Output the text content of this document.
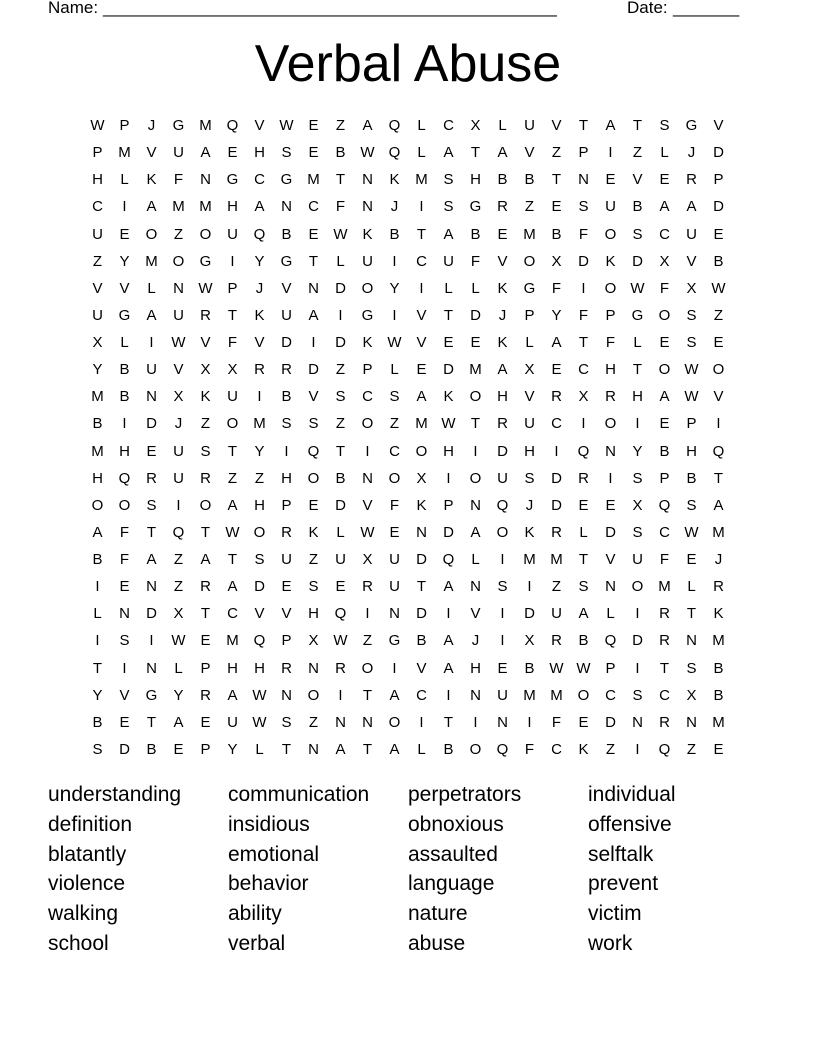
Name: ________________________________________________	Date: _______
Verbal Abuse
W P	J	G M Q	V W E	Z	A	Q	L	C	X	L	U	V	T	A	T	S	G	V
P	M	V	U	A	E	H	S	E	B W Q	L	A	T	A	V	Z	P	I	Z	L	J	D
H	L	K	F	N	G	C	G M	T	N	K	M	S	H	B	B	T	N	E	V	E	R	P
C	I	A	M M	H	A	N	C	F	N	J	I	S	G	R	Z	E	S	U	B	A	A	D
U	E	O	Z	O	U	Q	B	E W K	B	T	A	B	E	M	B	F	O	S	C	U	E
Z	Y	M O	G	I	Y	G	T	L	U	I	C	U	F	V	O	X	D	K	D	X	V	B
V	V	L	N W P	J	V	N	D	O	Y	I	L	L	K	G	F	I	O W	F	X W
U	G	A	U	R	T	K	U	A	I	G	I	V	T	D	J	P	Y	F	P	G	O	S	Z
X	L	I	W V	F	V	D	I	D	K W V	E	E	K	L	A	T	F	L	E	S	E
Y	B	U	V	X	X	R	R	D	Z	P	L	E	D	M	A	X	E	C	H	T	O W O
M	B	N	X	K	U	I	B	V	S	C	S	A	K	O	H	V	R	X	R	H	A W V
B	I	D	J	Z	O M	S	S	Z	O	Z	M W	T	R	U	C	I	O	I	E	P	I
M	H	E	U	S	T	Y	I	Q	T	I	C	O	H	I	D	H	I	Q	N	Y	B	H	Q
H	Q	R	U	R	Z	Z	H	O	B	N	O	X	I	O	U	S	D	R	I	S	P	B	T
O	O	S	I	O	A	H	P	E	D	V	F	K	P	N	Q	J	D	E	E	X	Q	S	A
A	F	T	Q	T	W O	R	K	L	W E	N	D	A	O	K	R	L	D	S	C W M
B	F	A	Z	A	T	S	U	Z	U	X	U	D	Q	L	I	M M	T	V	U	F	E	J
I	E	N	Z	R	A	D	E	S	E	R	U	T	A	N	S	I	Z	S	N	O M	L	R
L	N	D	X	T	C	V	V	H	Q	I	N	D	I	V	I	D	U	A	L	I	R	T	K
I	S	I	W E	M Q	P	X W	Z	G	B	A	J	I	X	R	B	Q	D	R	N	M
T	I	N	L	P	H	H	R	N	R	O	I	V	A	H	E	B W W P	I	T	S	B
Y	V	G	Y	R	A W N	O	I	T	A	C	I	N	U	M M O	C	S	C	X	B
B	E	T	A	E	U W S	Z	N	N	O	I	T	I	N	I	F	E	D	N	R	N	M
S	D	B	E	P	Y	L	T	N	A	T	A	L	B	O	Q	F	C	K	Z	I	Q	Z	E
understanding	communication	perpetrators	individual
definition	insidious	obnoxious	offensive
blatantly	emotional	assaulted	selftalk
violence	behavior	language	prevent
walking	ability	nature	victim
school	verbal	abuse	work
